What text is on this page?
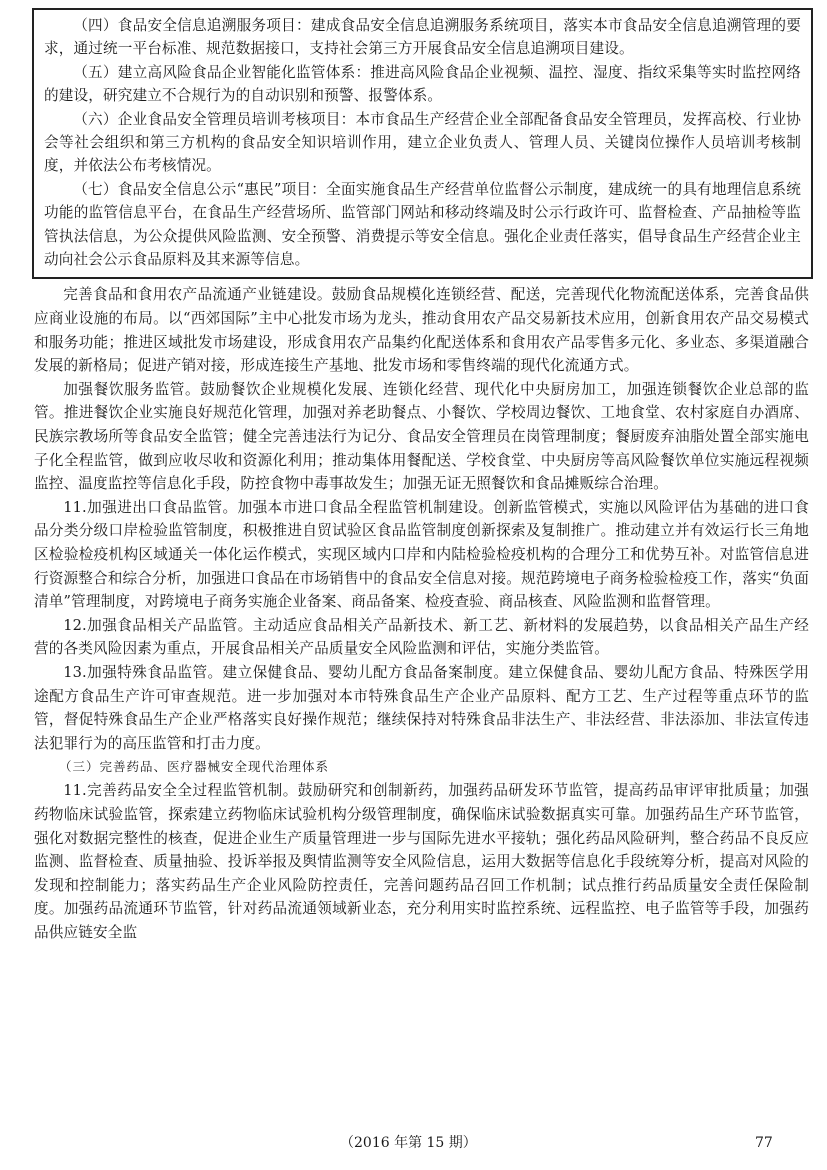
（四）食品安全信息追溯服务项目：建成食品安全信息追溯服务系统项目，落实本市食品安全信息追溯管理的要求，通过统一平台标准、规范数据接口，支持社会第三方开展食品安全信息追溯项目建设。

（五）建立高风险食品企业智能化监管体系：推进高风险食品企业视频、温控、湿度、指纹采集等实时监控网络的建设，研究建立不合规行为的自动识别和预警、报警体系。

（六）企业食品安全管理员培训考核项目：本市食品生产经营企业全部配备食品安全管理员，发挥高校、行业协会等社会组织和第三方机构的食品安全知识培训作用，建立企业负责人、管理人员、关键岗位操作人员培训考核制度，并依法公布考核情况。

（七）食品安全信息公示“惠民”项目：全面实施食品生产经营单位监督公示制度，建成统一的具有地理信息系统功能的监管信息平台，在食品生产经营场所、监管部门网站和移动终端及时公示行政许可、监督检查、产品抽检等监管执法信息，为公众提供风险监测、安全预警、消费提示等安全信息。强化企业责任落实，倡导食品生产经营企业主动向社会公示食品原料及其来源等信息。

完善食品和食用农产品流通产业链建设。鼓励食品规模化连锁经营、配送，完善现代化物流配送体系，完善食品供应商业设施的布局。以“西郊国际”主中心批发市场为龙头，推动食用农产品交易新技术应用，创新食用农产品交易模式和服务功能；推进区域批发市场建设，形成食用农产品集约化配送体系和食用农产品零售多元化、多业态、多渠道融合发展的新格局；促进产销对接，形成连接生产基地、批发市场和零售终端的现代化流通方式。

加强餐饮服务监管。鼓励餐饮企业规模化发展、连锁化经营、现代化中央厨房加工，加强连锁餐饮企业总部的监管。推进餐饮企业实施良好规范化管理，加强对养老助餐点、小餐饮、学校周边餐饮、工地食堂、农村家庭自办酒席、民族宗教场所等食品安全监管；健全完善违法行为记分、食品安全管理员在岗管理制度；餐厨废弃油脂处置全部实施电子化全程监管，做到应收尽收和资源化利用；推动集体用餐配送、学校食堂、中央厨房等高风险餐饮单位实施远程视频监控、温度监控等信息化手段，防控食物中毒事故发生；加强无证无照餐饮和食品摊贩综合治理。

11.加强进出口食品监管。加强本市进口食品全程监管机制建设。创新监管模式，实施以风险评估为基础的进口食品分类分级口岸检验监管制度，积极推进自贸试验区食品监管制度创新探索及复制推广。推动建立并有效运行长三角地区检验检疫机构区域通关一体化运作模式，实现区域内口岸和内陆检验检疫机构的合理分工和优势互补。对监管信息进行资源整合和综合分析，加强进口食品在市场销售中的食品安全信息对接。规范跨境电子商务检验检疫工作，落实“负面清单”管理制度，对跨境电子商务实施企业备案、商品备案、检疫查验、商品核查、风险监测和监督管理。

12.加强食品相关产品监管。主动适应食品相关产品新技术、新工艺、新材料的发展趋势，以食品相关产品生产经营的各类风险因素为重点，开展食品相关产品质量安全风险监测和评估，实施分类监管。

13.加强特殊食品监管。建立保健食品、婴幼儿配方食品备案制度。建立保健食品、婴幼儿配方食品、特殊医学用途配方食品生产许可审查规范。进一步加强对本市特殊食品生产企业产品原料、配方工艺、生产过程等重点环节的监管，督促特殊食品生产企业严格落实良好操作规范；继续保持对特殊食品非法生产、非法经营、非法添加、非法宣传违法犯罪行为的高压监管和打击力度。

（三）完善药品、医疗器械安全现代治理体系

11.完善药品安全全过程监管机制。鼓励研究和创制新药，加强药品研发环节监管，提高药品审评审批质量；加强药物临床试验监管，探索建立药物临床试验机构分级管理制度，确保临床试验数据真实可靠。加强药品生产环节监管，强化对数据完整性的核查，促进企业生产质量管理进一步与国际先进水平接轨；强化药品风险研判，整合药品不良反应监测、监督检查、质量抽验、投诉举报及舆情监测等安全风险信息，运用大数据等信息化手段统筹分析，提高对风险的发现和控制能力；落实药品生产企业风险防控责任，完善问题药品召回工作机制；试点推行药品质量安全责任保险制度。加强药品流通环节监管，针对药品流通领域新业态，充分利用实时监控系统、远程监控、电子监管等手段，加强药品供应链安全监

（2016 年第 15 期）	77
